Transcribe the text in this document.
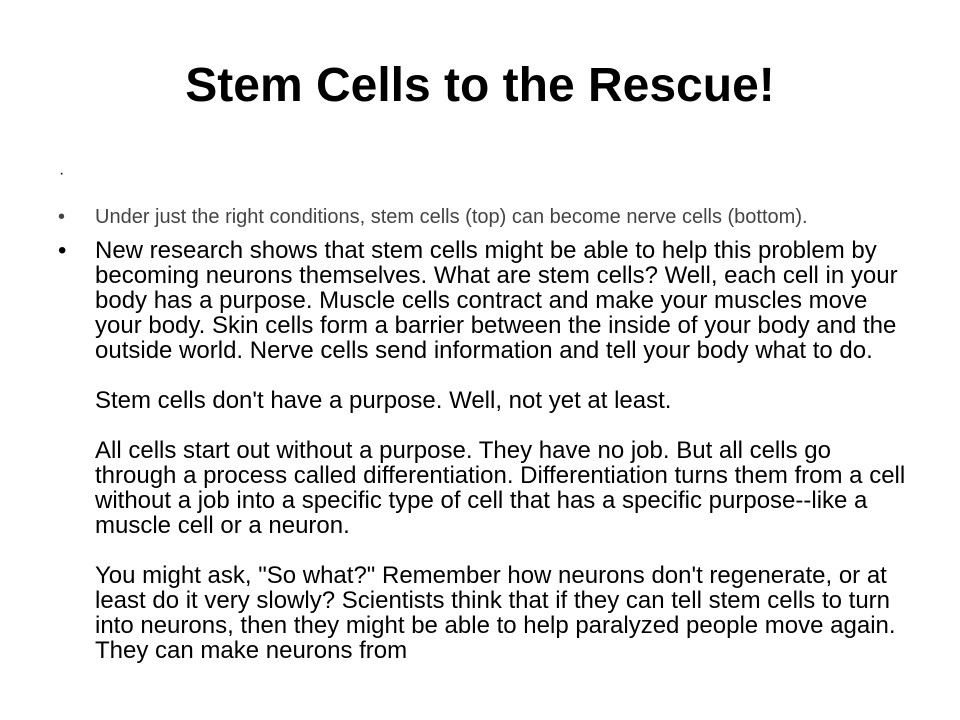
Stem Cells to the Rescue!
·
• Under just the right conditions, stem cells (top) can become nerve cells (bottom).
• New research shows that stem cells might be able to help this problem by becoming neurons themselves. What are stem cells? Well, each cell in your body has a purpose. Muscle cells contract and make your muscles move your body. Skin cells form a barrier between the inside of your body and the outside world. Nerve cells send information and tell your body what to do.
Stem cells don't have a purpose. Well, not yet at least.
All cells start out without a purpose. They have no job. But all cells go through a process called differentiation. Differentiation turns them from a cell without a job into a specific type of cell that has a specific purpose--like a muscle cell or a neuron.
You might ask, "So what?" Remember how neurons don't regenerate, or at least do it very slowly? Scientists think that if they can tell stem cells to turn into neurons, then they might be able to help paralyzed people move again. They can make neurons from
